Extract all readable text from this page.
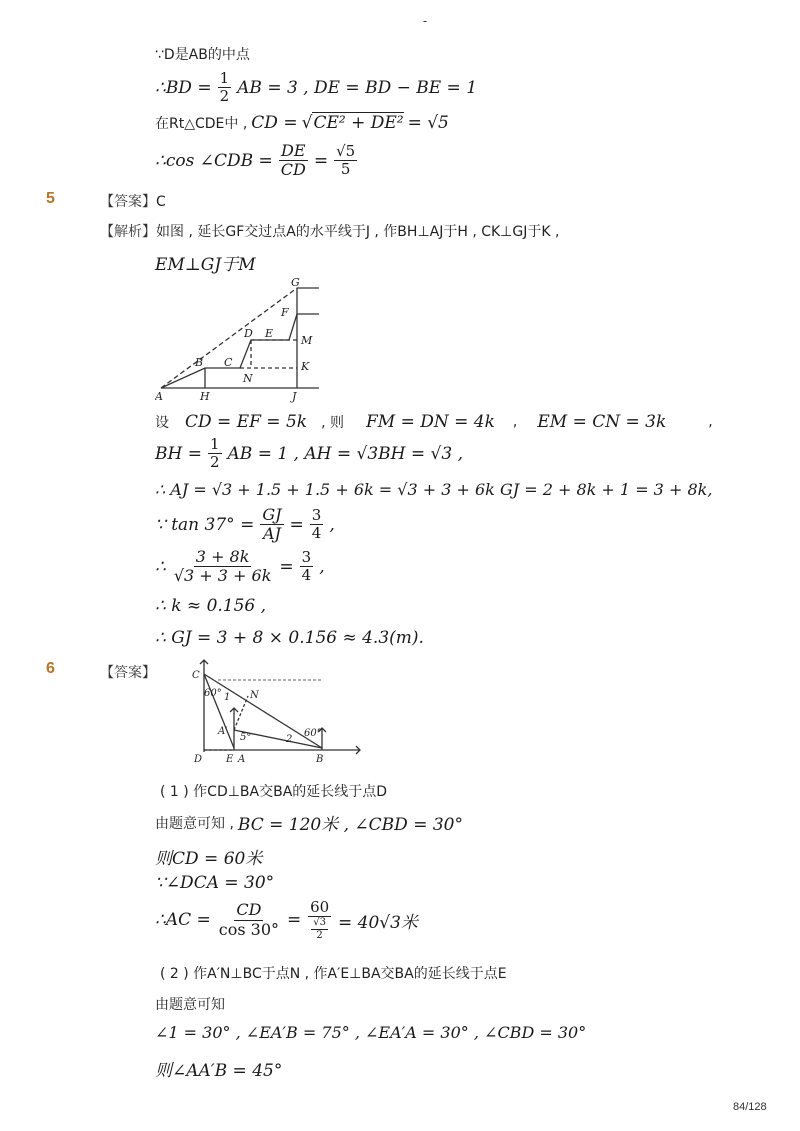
-
∵D是AB的中点
∴BD = $\frac{1}{2}$ AB = 3 , DE = BD − BE = 1
在Rt△CDE中 , CD = √CE² + DE² = √5
∴cos ∠CDB = $\frac{DE}{CD} = \frac{√5}{5}$
5	【答案】C
【解析】如图 , 延长GF交过点A的水平线于J , 作BH⊥AJ于H , CK⊥GJ于K ,
EM⊥GJ于M
G
F
D E
M
B C	K
N
A	H	J
设 CD = EF = 5k , 则 FM = DN = 4k , EM = CN = 3k	,
BH = $\frac{1}{2}$ AB = 1 , AH = √3BH = √3 ,
∴ AJ = √3 + 1.5 + 1.5 + 6k = √3 + 3 + 6k GJ = 2 + 8k + 1 = 3 + 8k,
∵ $\tan 37^\circ = \frac{GJ}{AJ} = \frac{3}{4}$ ,
∴ $\frac{3 + 8k}{√3 + 3 + 6k} = \frac{3}{4}$ ,
∴ k ≈ 0.156 ,
∴ GJ = 3 + 8 × 0.156 ≈ 4.3(m).
6	【答案】	C
60° 1 N
A′
5°	2
60°
B
D E A
( 1 ) 作CD⊥BA交BA的延长线于点D
由题意可知 , BC = 120米 , ∠CBD = 30°
则CD = 60米
∵∠DCA = 30°
∴AC = $\frac{CD}{\cos 30^\circ} = \frac{60}{\frac{√3}{2}} = 40√3$米
( 2 ) 作A′N⊥BC于点N , 作A′E⊥BA交BA的延长线于点E
由题意可知
∠1 = 30° , ∠EA′B = 75° , ∠EA′A = 30° , ∠CBD = 30°
则∠AA′B = 45°
84/128
